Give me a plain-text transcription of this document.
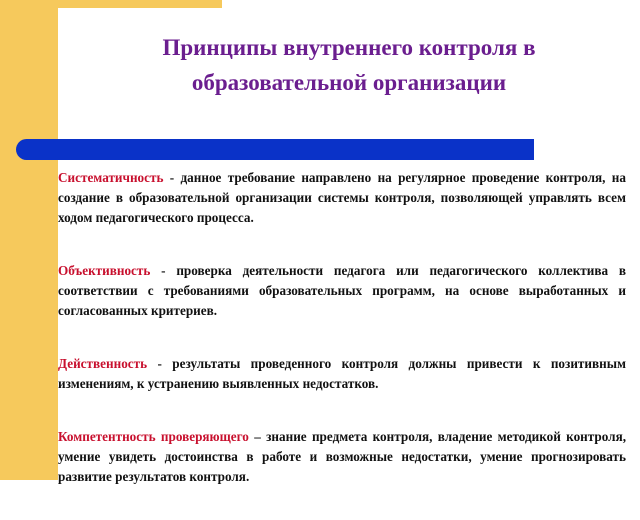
Принципы внутреннего контроля в
образовательной организации

Систематичность - данное требование направлено на регулярное проведение контроля, на создание в образовательной организации системы контроля, позволяющей управлять всем ходом педагогического процесса.

Объективность - проверка деятельности педагога или педагогического коллектива в соответствии с требованиями образовательных программ, на основе выработанных и согласованных критериев.

Действенность - результаты проведенного контроля должны привести к позитивным изменениям, к устранению выявленных недостатков.

Компетентность проверяющего – знание предмета контроля, владение методикой контроля, умение увидеть достоинства в работе и возможные недостатки, умение прогнозировать развитие результатов контроля.
